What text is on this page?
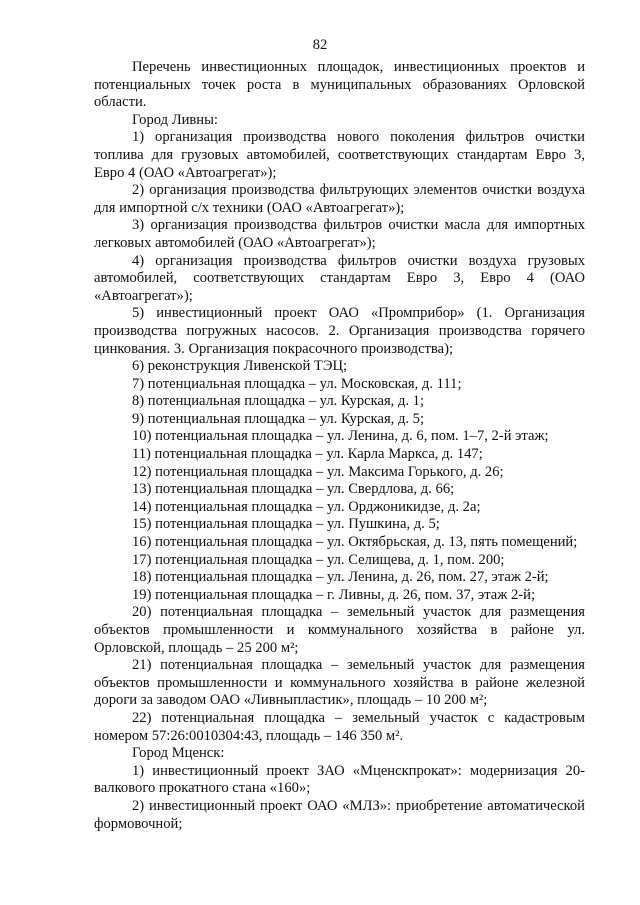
82

Перечень инвестиционных площадок, инвестиционных проектов и потенциальных точек роста в муниципальных образованиях Орловской области.

Город Ливны:

1) организация производства нового поколения фильтров очистки топлива для грузовых автомобилей, соответствующих стандартам Евро 3, Евро 4 (ОАО «Автоагрегат»);

2) организация производства фильтрующих элементов очистки воздуха для импортной с/х техники (ОАО «Автоагрегат»);

3) организация производства фильтров очистки масла для импортных легковых автомобилей (ОАО «Автоагрегат»);

4) организация производства фильтров очистки воздуха грузовых автомобилей, соответствующих стандартам Евро 3, Евро 4 (ОАО «Автоагрегат»);

5) инвестиционный проект ОАО «Промприбор» (1. Организация производства погружных насосов. 2. Организация производства горячего цинкования. 3. Организация покрасочного производства);

6) реконструкция Ливенской ТЭЦ;

7) потенциальная площадка – ул. Московская, д. 111;

8) потенциальная площадка – ул. Курская, д. 1;

9) потенциальная площадка – ул. Курская, д. 5;

10) потенциальная площадка – ул. Ленина, д. 6, пом. 1–7, 2-й этаж;

11) потенциальная площадка – ул. Карла Маркса, д. 147;

12) потенциальная площадка – ул. Максима Горького, д. 26;

13) потенциальная площадка – ул. Свердлова, д. 66;

14) потенциальная площадка – ул. Орджоникидзе, д. 2а;

15) потенциальная площадка – ул. Пушкина, д. 5;

16) потенциальная площадка – ул. Октябрьская, д. 13, пять помещений;

17) потенциальная площадка – ул. Селищева, д. 1, пом. 200;

18) потенциальная площадка – ул. Ленина, д. 26, пом. 27, этаж 2-й;

19) потенциальная площадка – г. Ливны, д. 26, пом. 37, этаж 2-й;

20) потенциальная площадка – земельный участок для размещения объектов промышленности и коммунального хозяйства в районе ул. Орловской, площадь – 25 200 м²;

21) потенциальная площадка – земельный участок для размещения объектов промышленности и коммунального хозяйства в районе железной дороги за заводом ОАО «Ливныпластик», площадь – 10 200 м²;

22) потенциальная площадка – земельный участок с кадастровым номером 57:26:0010304:43, площадь – 146 350 м².

Город Мценск:

1) инвестиционный проект ЗАО «Мценскпрокат»: модернизация 20-валкового прокатного стана «160»;

2) инвестиционный проект ОАО «МЛЗ»: приобретение автоматической формовочной;
